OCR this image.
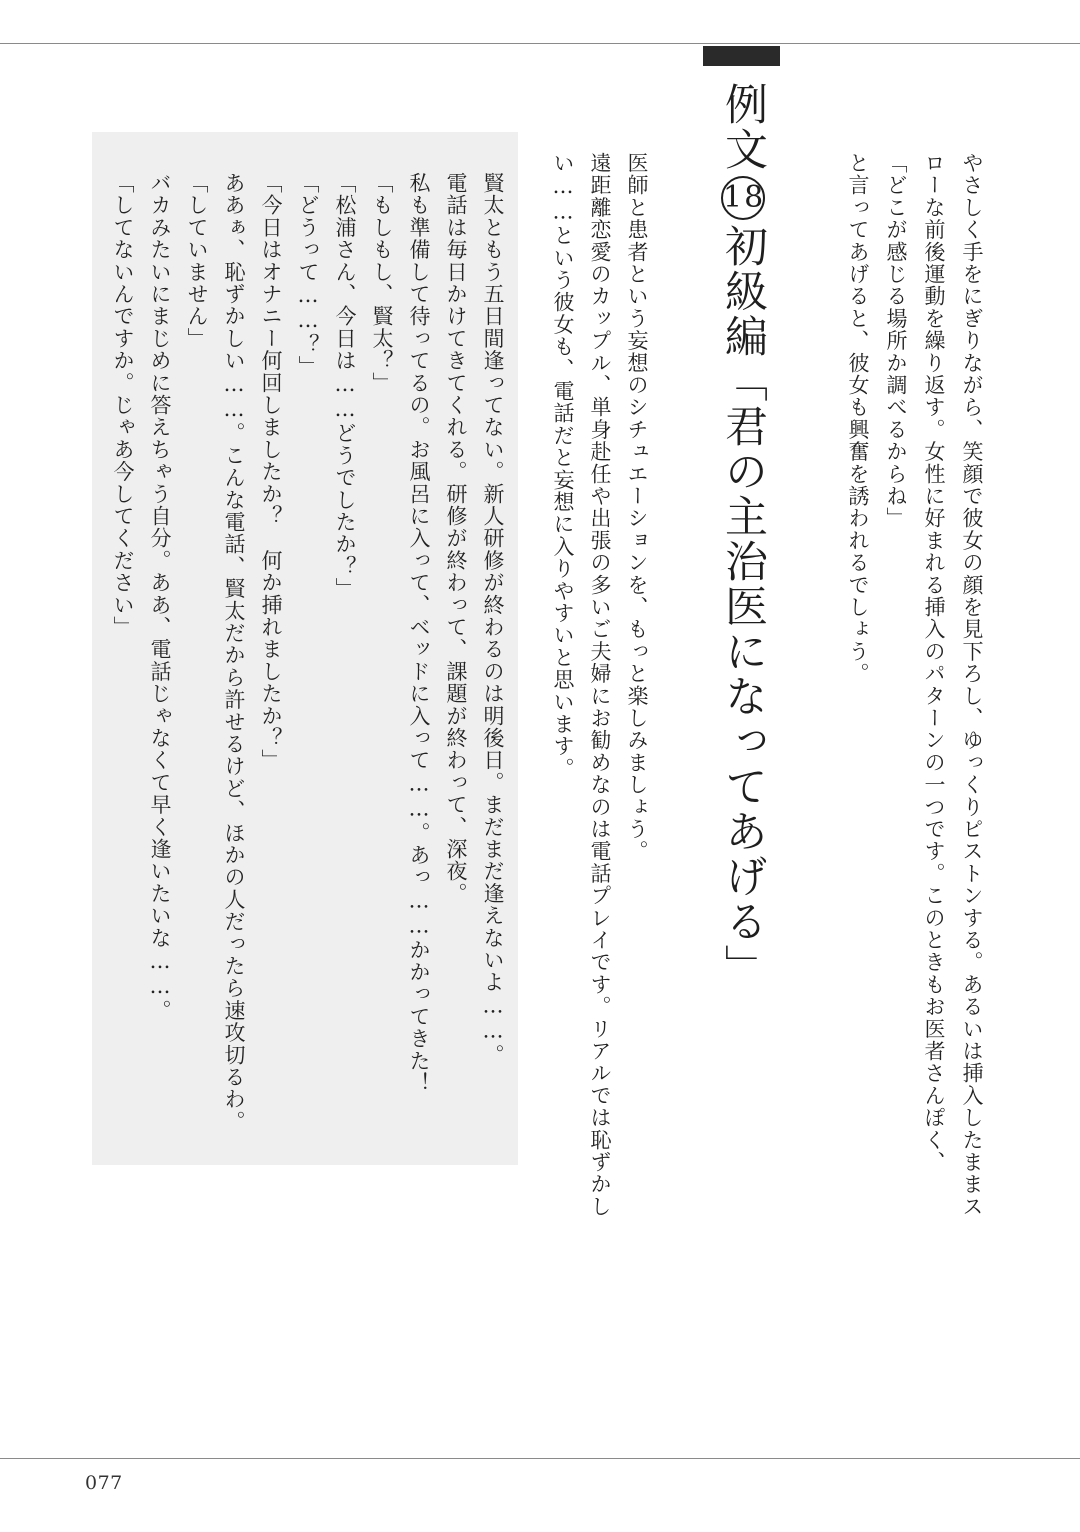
やさしく手をにぎりながら、笑顔で彼女の顔を見下ろし、ゆっくりピストンする。あるいは挿入したままス
ローな前後運動を繰り返す。女性に好まれる挿入のパターンの一つです。このときもお医者さんぽく、
「どこが感じる場所か調べるからね」
と言ってあげると、彼女も興奮を誘われるでしょう。
例文18初級編「君の主治医になってあげる」
医師と患者という妄想のシチュエーションを、もっと楽しみましょう。
遠距離恋愛のカップル、単身赴任や出張の多いご夫婦にお勧めなのは電話プレイです。リアルでは恥ずかし
い……という彼女も、電話だと妄想に入りやすいと思います。
賢太ともう五日間逢ってない。新人研修が終わるのは明後日。まだまだ逢えないよ……。
電話は毎日かけてきてくれる。研修が終わって、課題が終わって、深夜。
私も準備して待ってるの。お風呂に入って、ベッドに入って……。あっ……かかってきた！
「もしもし、賢太？」
「松浦さん、今日は……どうでしたか？」
「どうって……？」
「今日はオナニー何回しましたか？　何か挿れましたか？」
ああぁ、恥ずかしい……。こんな電話、賢太だから許せるけど、ほかの人だったら速攻切るわ。
「していません」
バカみたいにまじめに答えちゃう自分。ああ、電話じゃなくて早く逢いたいな……。
「してないんですか。じゃあ今してください」
077
